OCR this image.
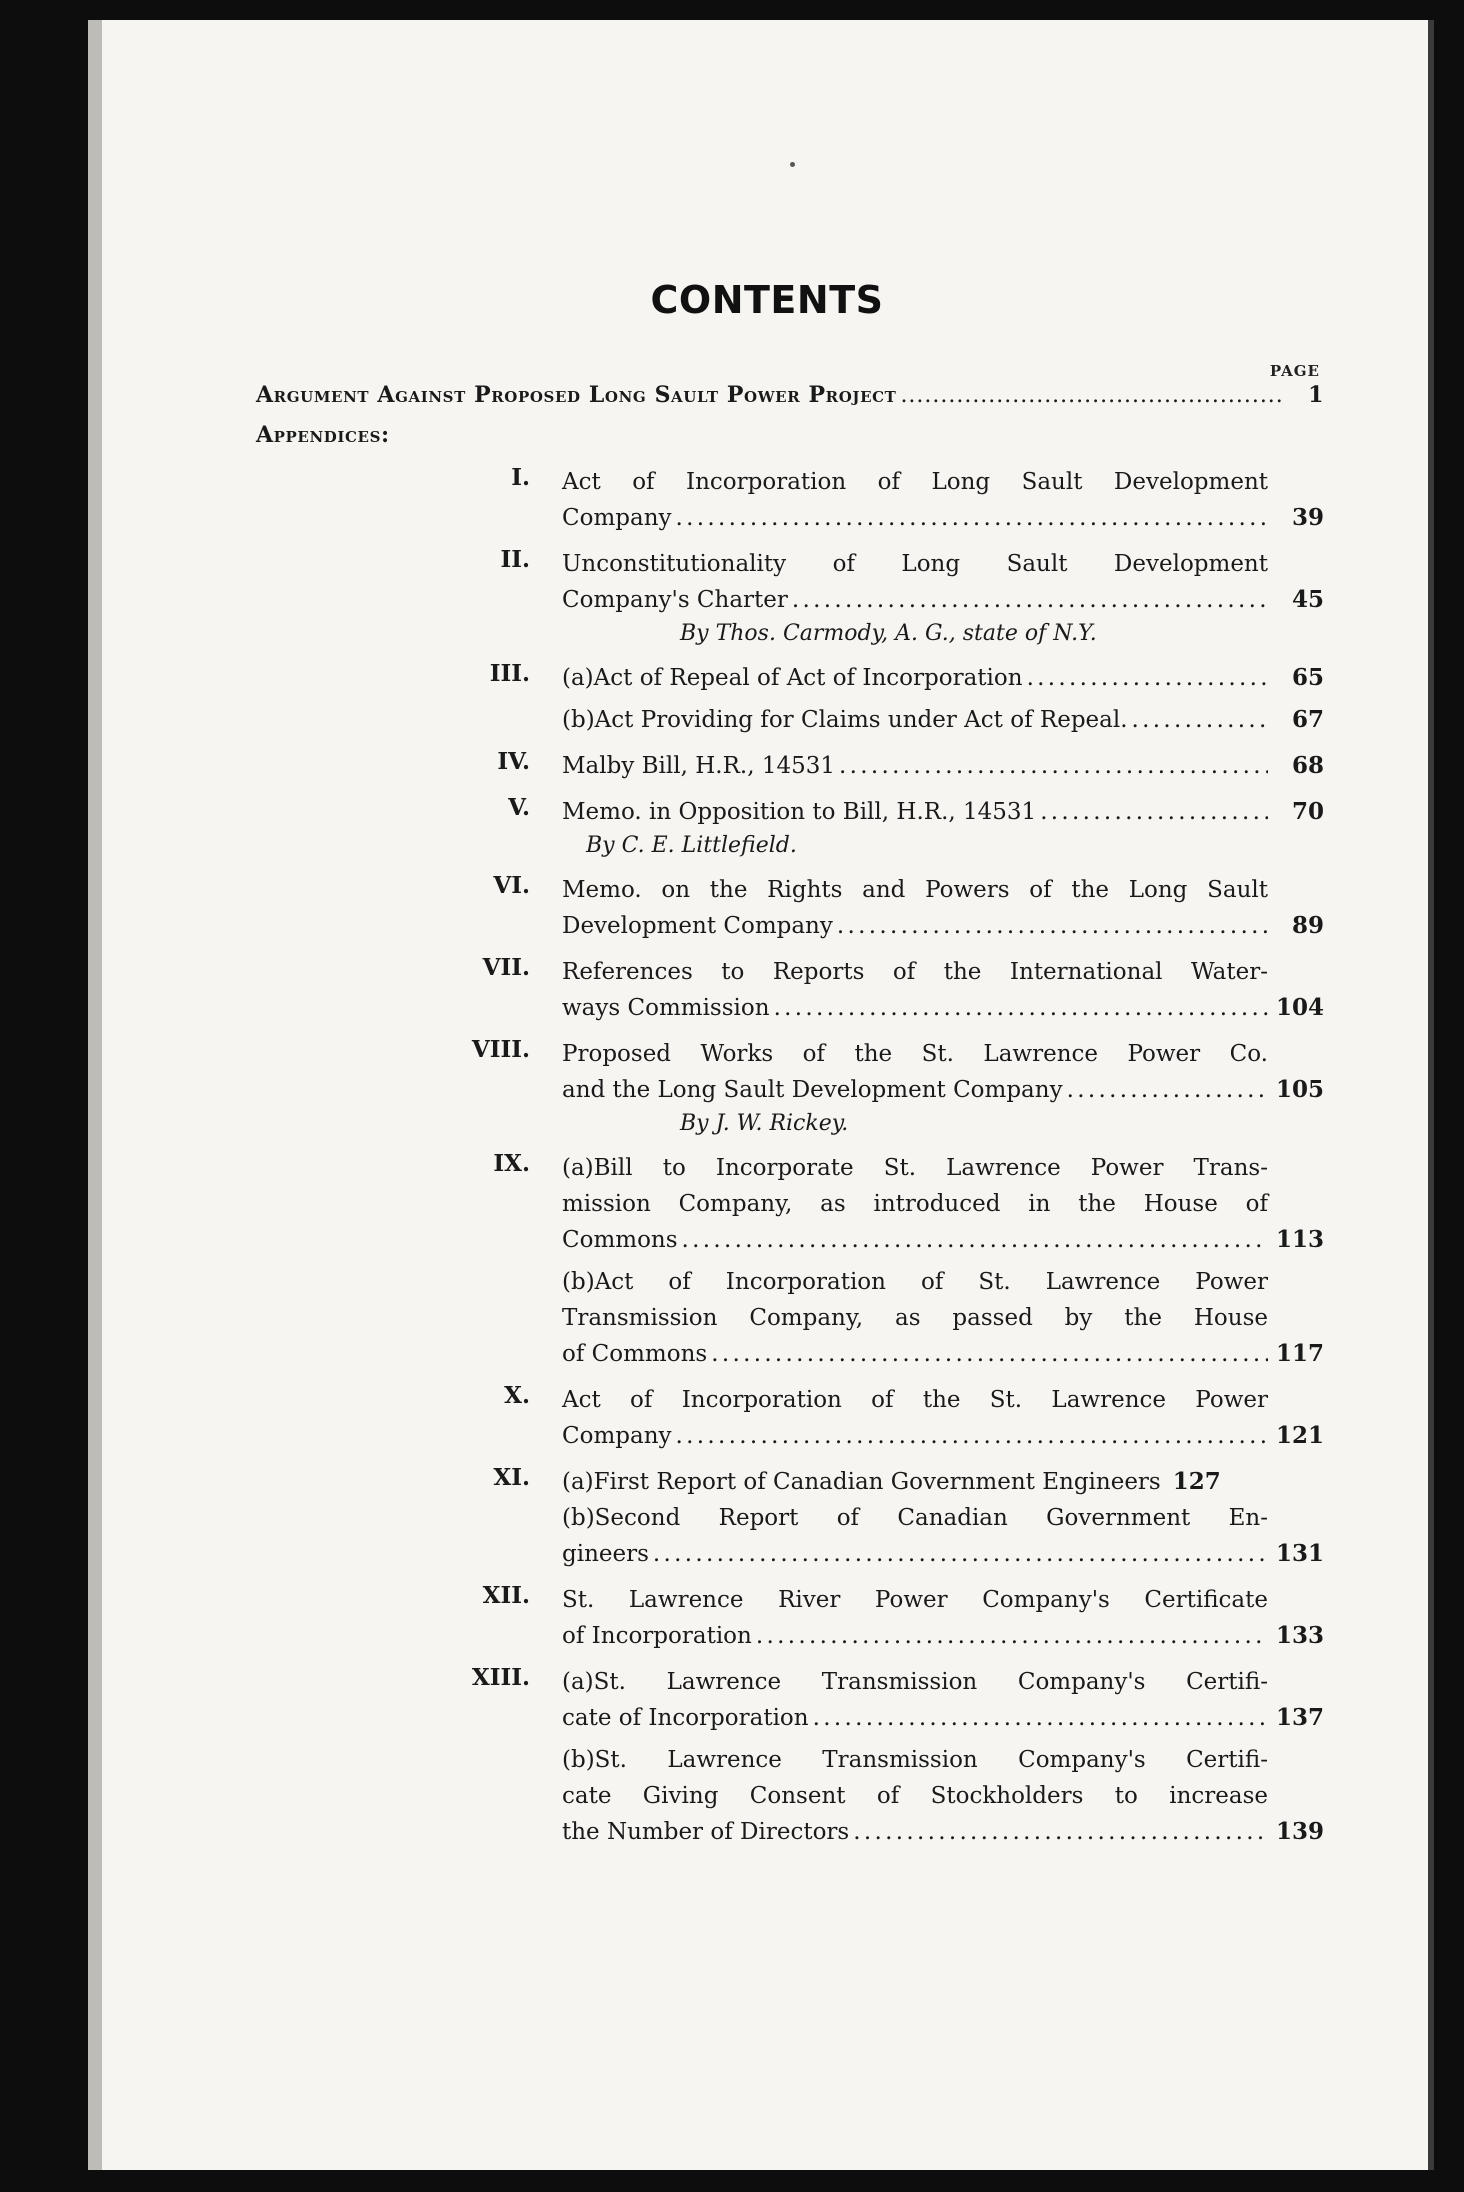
CONTENTS
PAGE
Argument Against Proposed Long Sault Power Project . . .	1
Appendices:
I. Act of Incorporation of Long Sault Development
Company . . .	39
II. Unconstitutionality of Long Sault Development
Company's Charter . . .	45
By Thos. Carmody, A. G., state of N.Y.
III. (a)Act of Repeal of Act of Incorporation . . .	65
(b)Act Providing for Claims under Act of Repeal. . . .	67
IV. Malby Bill, H.R., 14531 . . .	68
V. Memo. in Opposition to Bill, H.R., 14531 . . .	70
By C. E. Littlefield.
VI. Memo. on the Rights and Powers of the Long Sault
Development Company . . .	89
VII. References to Reports of the International Water-
ways Commission . . .	104
VIII. Proposed Works of the St. Lawrence Power Co.
and the Long Sault Development Company . . .	105
By J. W. Rickey.
IX. (a)Bill to Incorporate St. Lawrence Power Trans-
mission Company, as introduced in the House of
Commons . . .	113
(b)Act of Incorporation of St. Lawrence Power
Transmission Company, as passed by the House
of Commons . . .	117
X. Act of Incorporation of the St. Lawrence Power
Company . . .	121
XI. (a)First Report of Canadian Government Engineers 127
(b)Second Report of Canadian Government En-
gineers . . .	131
XII. St. Lawrence River Power Company's Certificate
of Incorporation . . .	133
XIII. (a)St. Lawrence Transmission Company's Certifi-
cate of Incorporation . . .	137
(b)St. Lawrence Transmission Company's Certifi-
cate Giving Consent of Stockholders to increase
the Number of Directors . . .	139
